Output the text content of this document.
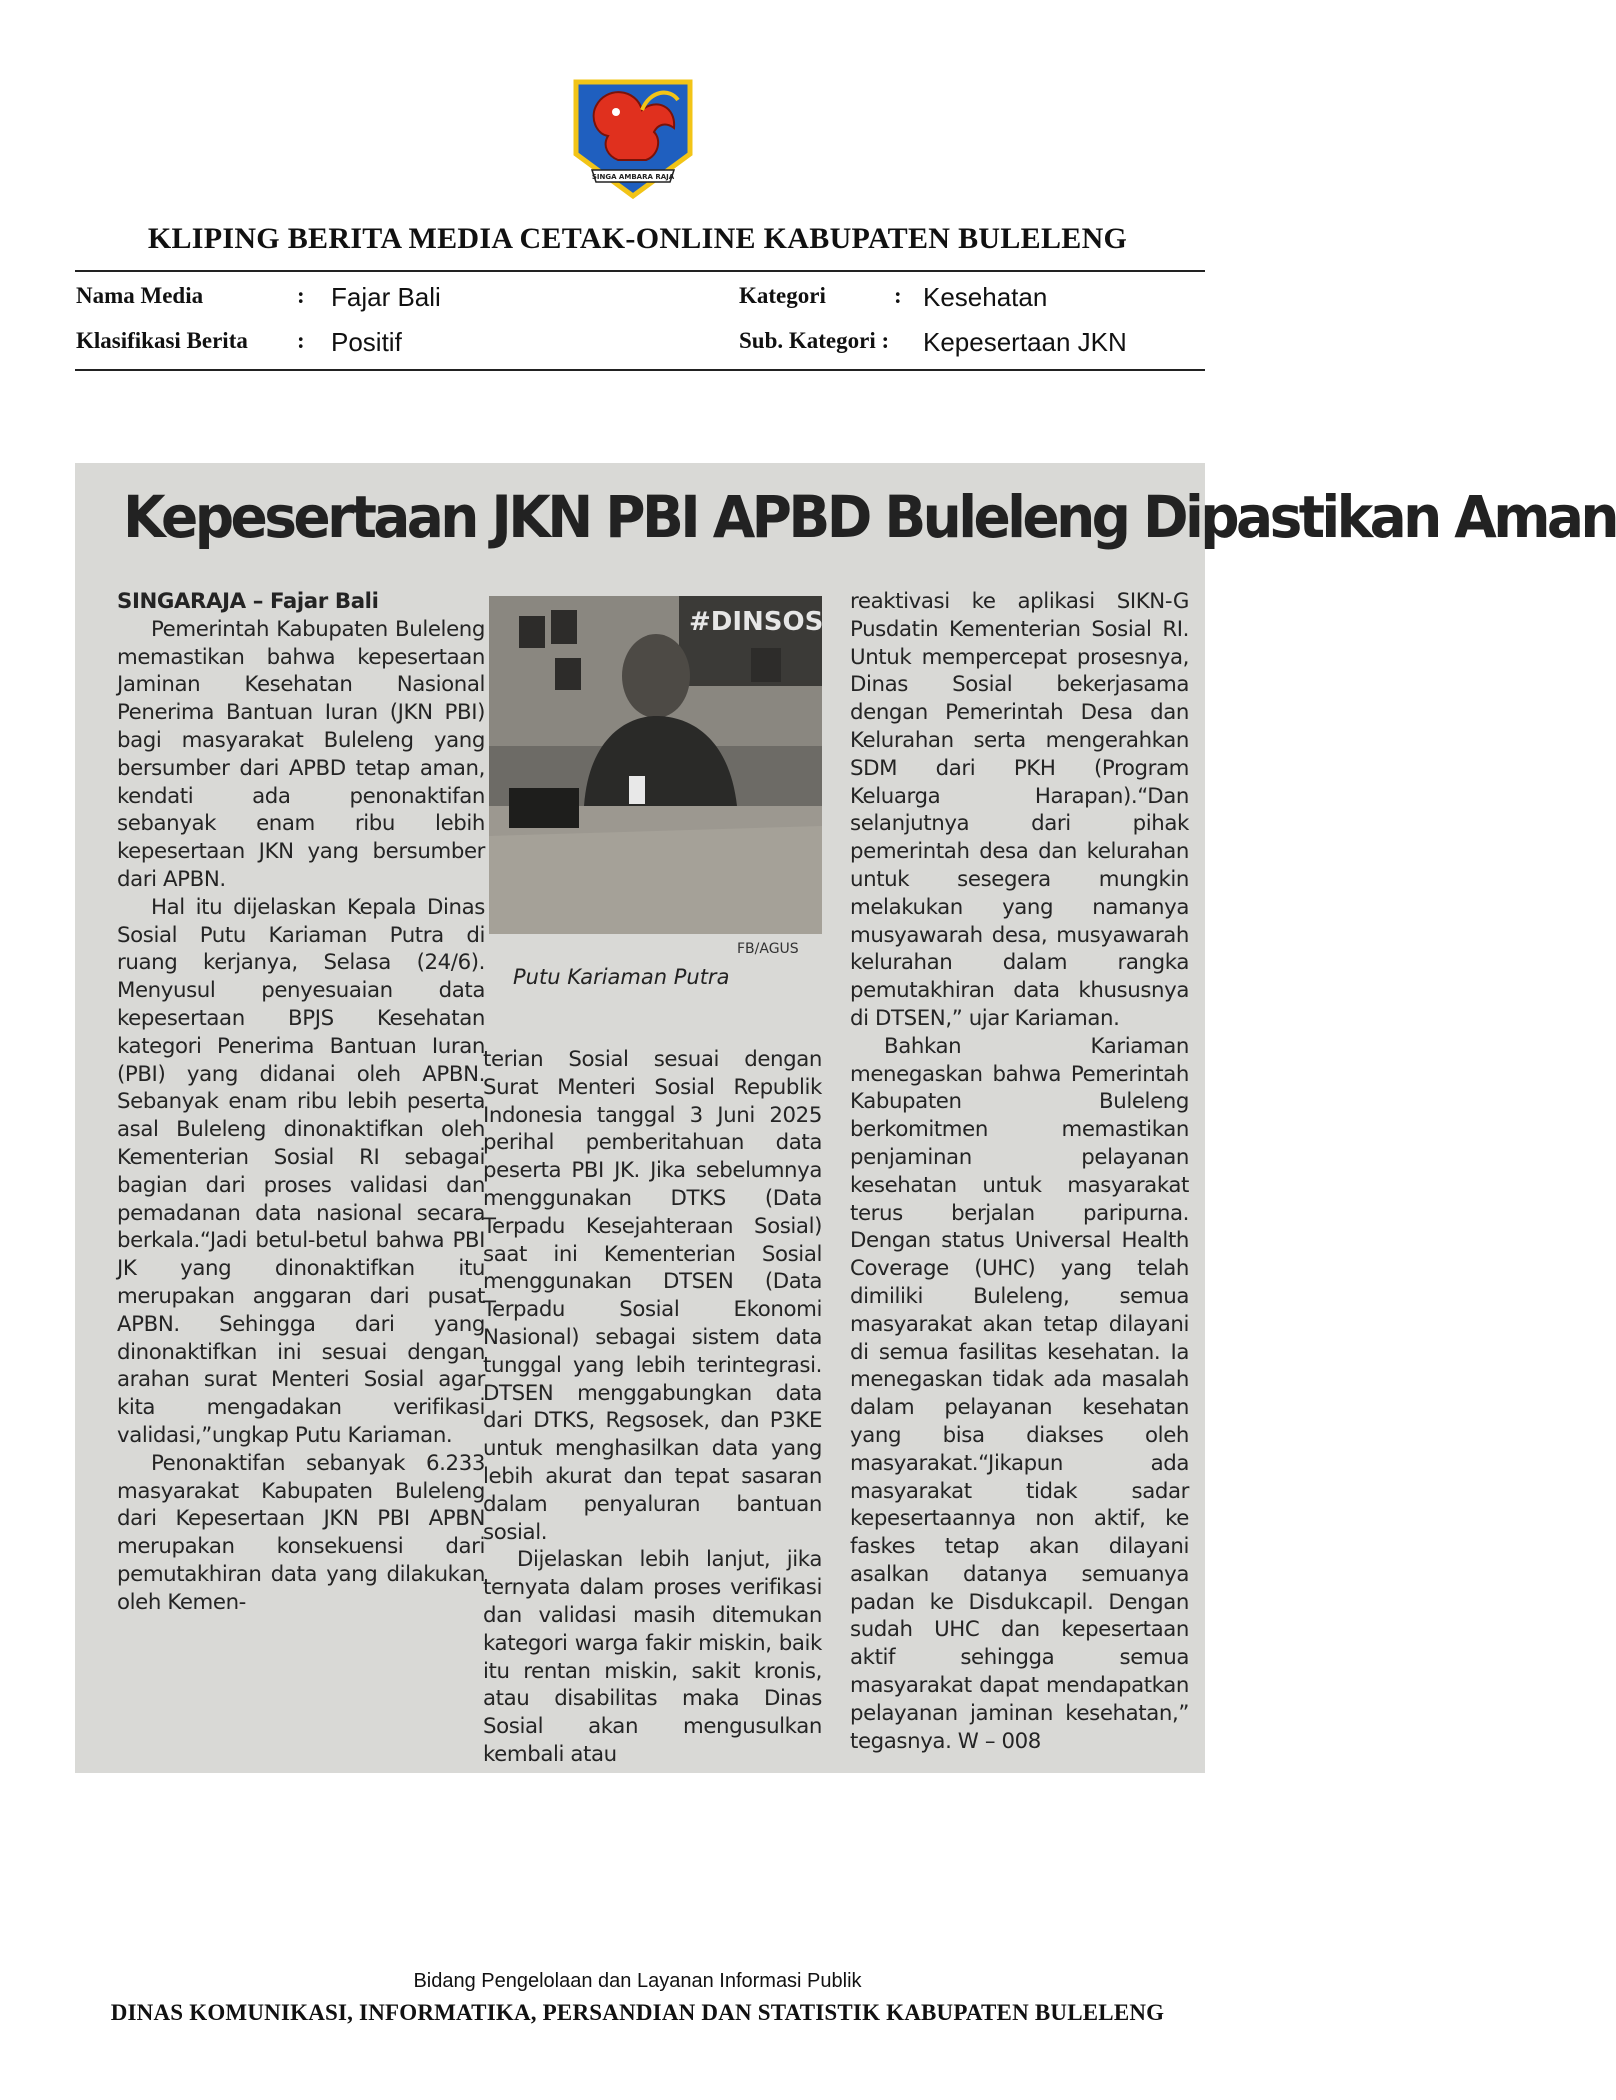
SINGA AMBARA RAJA
KLIPING BERITA MEDIA CETAK-ONLINE KABUPATEN BULELENG
Nama Media	: Fajar Bali
Klasifikasi Berita : Positif
Kategori	: Kesehatan
Sub. Kategori : Kepesertaan JKN
Kepesertaan JKN PBI APBD Buleleng Dipastikan Aman
SINGARAJA – Fajar Bali

Pemerintah Kabupaten Buleleng memastikan bahwa kepesertaan Jaminan Kesehatan Nasional Penerima Bantuan Iuran (JKN PBI) bagi masyarakat Buleleng yang bersumber dari APBD tetap aman, kendati ada penonaktifan sebanyak enam ribu lebih kepesertaan JKN yang bersumber dari APBN.

Hal itu dijelaskan Kepala Dinas Sosial Putu Kariaman Putra di ruang kerjanya, Selasa (24/6). Menyusul penyesuaian data kepesertaan BPJS Kesehatan kategori Penerima Bantuan Iuran (PBI) yang didanai oleh APBN. Sebanyak enam ribu lebih peserta asal Buleleng dinonaktifkan oleh Kementerian Sosial RI sebagai bagian dari proses validasi dan pemadanan data nasional secara berkala.“Jadi betul-betul bahwa PBI JK yang dinonaktifkan itu merupakan anggaran dari pusat APBN. Sehingga dari yang dinonaktifkan ini sesuai dengan arahan surat Menteri Sosial agar kita mengadakan verifikasi validasi,”ungkap Putu Kariaman.

Penonaktifan sebanyak 6.233 masyarakat Kabupaten Buleleng dari Kepesertaan JKN PBI APBN merupakan konsekuensi dari pemutakhiran data yang dilakukan oleh Kemen-

#DINSOS
FB/AGUS
Putu Kariaman Putra

terian Sosial sesuai dengan Surat Menteri Sosial Republik Indonesia tanggal 3 Juni 2025 perihal pemberitahuan data peserta PBI JK. Jika sebelumnya menggunakan DTKS (Data Terpadu Kesejahteraan Sosial) saat ini Kementerian Sosial menggunakan DTSEN (Data Terpadu Sosial Ekonomi Nasional) sebagai sistem data tunggal yang lebih terintegrasi. DTSEN menggabungkan data dari DTKS, Regsosek, dan P3KE untuk menghasilkan data yang lebih akurat dan tepat sasaran dalam penyaluran bantuan sosial.

Dijelaskan lebih lanjut, jika ternyata dalam proses verifikasi dan validasi masih ditemukan kategori warga fakir miskin, baik itu rentan miskin, sakit kronis, atau disabilitas maka Dinas Sosial akan mengusulkan kembali atau

reaktivasi ke aplikasi SIKN-G Pusdatin Kementerian Sosial RI. Untuk mempercepat prosesnya, Dinas Sosial bekerjasama dengan Pemerintah Desa dan Kelurahan serta mengerahkan SDM dari PKH (Program Keluarga Harapan).“Dan selanjutnya dari pihak pemerintah desa dan kelurahan untuk sesegera mungkin melakukan yang namanya musyawarah desa, musyawarah kelurahan dalam rangka pemutakhiran data khususnya di DTSEN,” ujar Kariaman.

Bahkan Kariaman menegaskan bahwa Pemerintah Kabupaten Buleleng berkomitmen memastikan penjaminan pelayanan kesehatan untuk masyarakat terus berjalan paripurna. Dengan status Universal Health Coverage (UHC) yang telah dimiliki Buleleng, semua masyarakat akan tetap dilayani di semua fasilitas kesehatan. Ia menegaskan tidak ada masalah dalam pelayanan kesehatan yang bisa diakses oleh masyarakat.“Jikapun ada masyarakat tidak sadar kepesertaannya non aktif, ke faskes tetap akan dilayani asalkan datanya semuanya padan ke Disdukcapil. Dengan sudah UHC dan kepesertaan aktif sehingga semua masyarakat dapat mendapatkan pelayanan jaminan kesehatan,” tegasnya. W – 008

Bidang Pengelolaan dan Layanan Informasi Publik
DINAS KOMUNIKASI, INFORMATIKA, PERSANDIAN DAN STATISTIK KABUPATEN BULELENG
